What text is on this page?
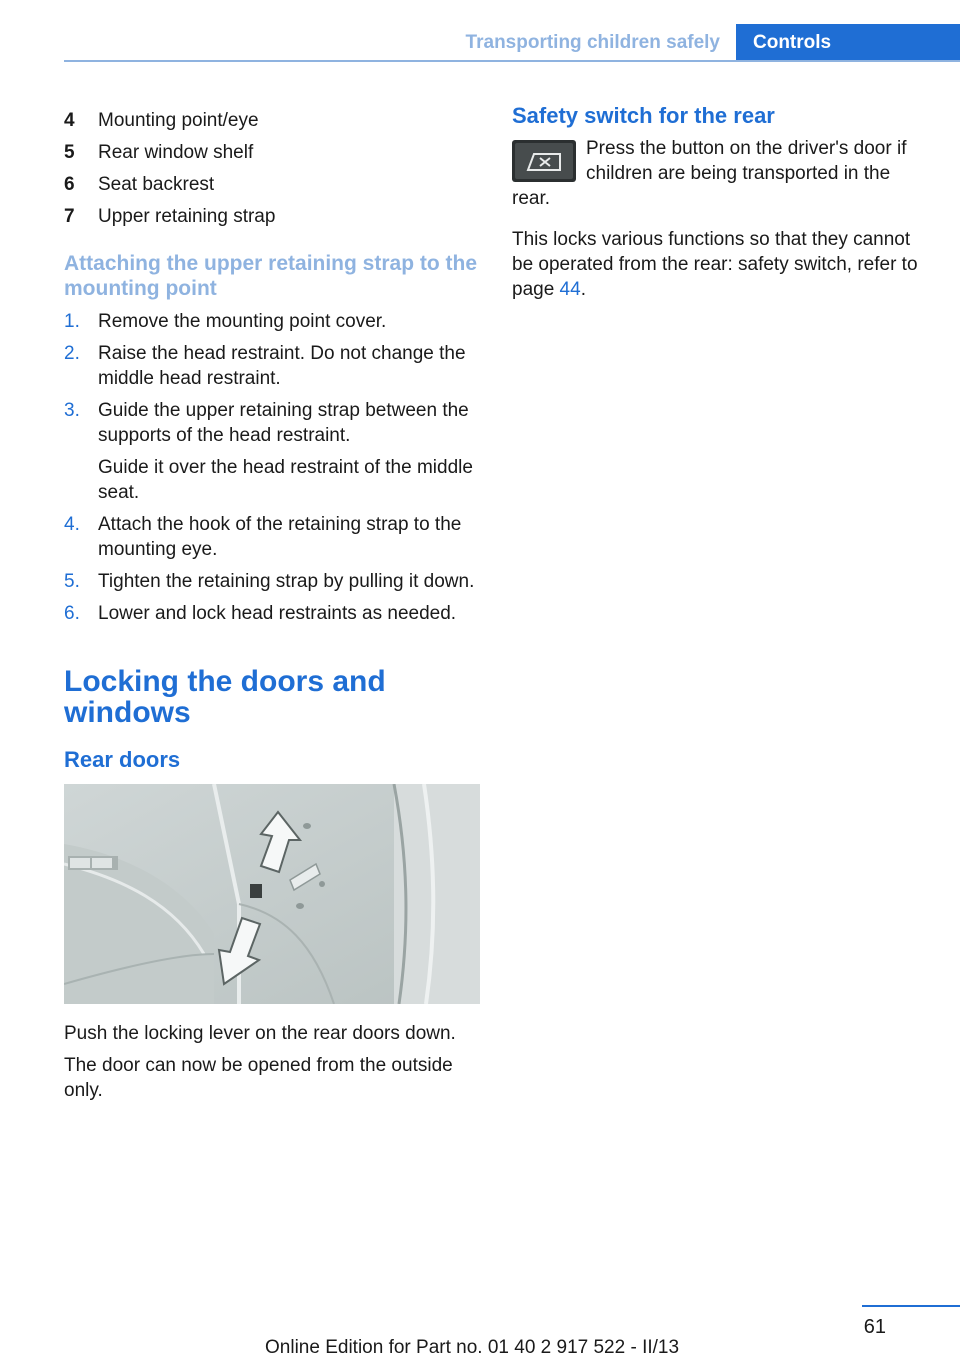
Transporting children safely Controls
4	Mounting point/eye
5	Rear window shelf
6	Seat backrest
7	Upper retaining strap
Attaching the upper retaining strap to the mounting point
1. Remove the mounting point cover.
2. Raise the head restraint. Do not change the middle head restraint.
3. Guide the upper retaining strap between the supports of the head restraint.
Guide it over the head restraint of the middle seat.
4. Attach the hook of the retaining strap to the mounting eye.
5. Tighten the retaining strap by pulling it down.
6. Lower and lock head restraints as needed.
Locking the doors and windows
Rear doors

Push the locking lever on the rear doors down.

The door can now be opened from the outside only.

Safety switch for the rear

Press the button on the driver's door if children are being transported in the rear.

This locks various functions so that they cannot be operated from the rear: safety switch, refer to page 44.

61
Online Edition for Part no. 01 40 2 917 522 - II/13
